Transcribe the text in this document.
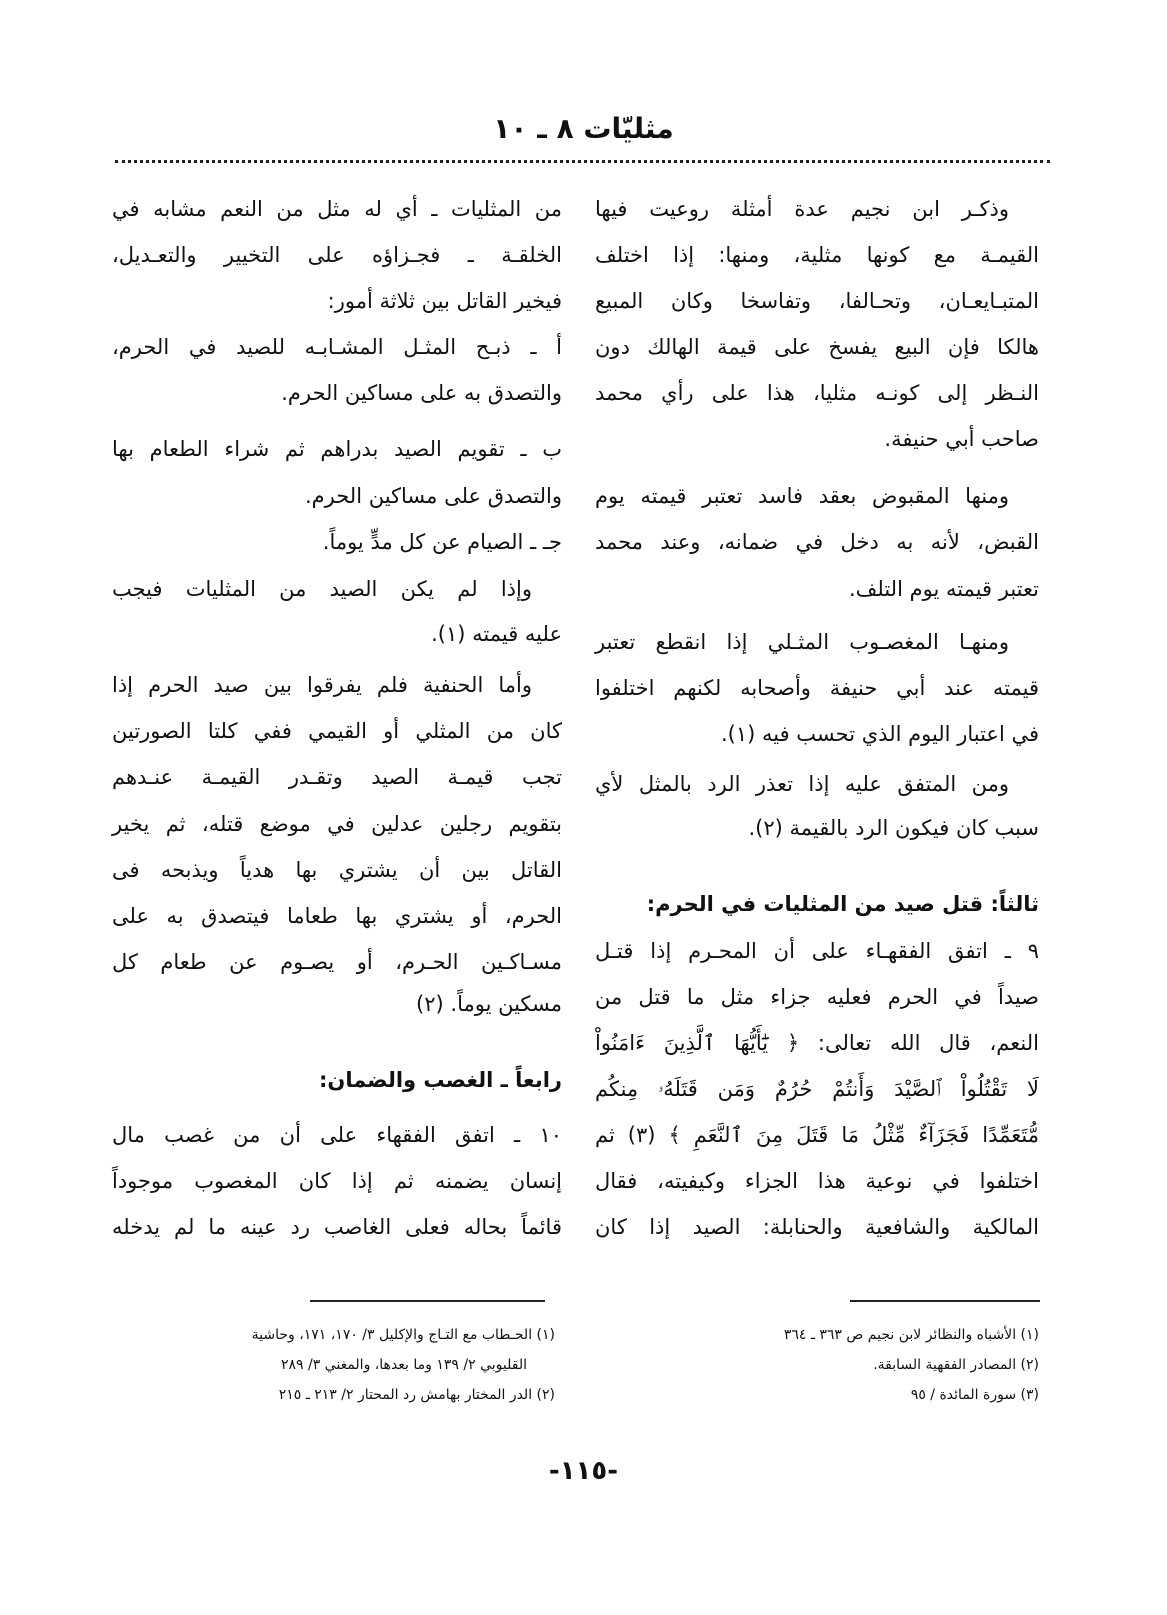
مثليّات ٨ ـ ١٠
وذكـر ابن نجيم عدة أمثلة روعيت فيها
القيمـة مع كونها مثلية، ومنها: إذا اختلف
المتبـايعـان، وتحـالفا، وتفاسخا وكان المبيع
هالكا فإن البيع يفسخ على قيمة الهالك دون
النـظر إلى كونـه مثليا، هذا على رأي محمد
صاحب أبي حنيفة.
ومنها المقبوض بعقد فاسد تعتبر قيمته يوم
القبض، لأنه به دخل في ضمانه، وعند محمد
تعتبر قيمته يوم التلف.
ومنهـا المغصـوب المثـلي إذا انقطع تعتبر
قيمته عند أبي حنيفة وأصحابه لكنهم اختلفوا
في اعتبار اليوم الذي تحسب فيه (١).
ومن المتفق عليه إذا تعذر الرد بالمثل لأي
سبب كان فيكون الرد بالقيمة (٢).
ثالثاً: قتل صيد من المثليات في الحرم:
٩ ـ اتفق الفقهـاء على أن المحـرم إذا قتـل
صيداً في الحرم فعليه جزاء مثل ما قتل من
النعم، قال الله تعالى: ﴿ يَٰٓأَيُّهَا ٱلَّذِينَ ءَامَنُواْ
لَا تَقْتُلُواْ ٱلصَّيْدَ وَأَنتُمْ حُرُمٌ وَمَن قَتَلَهُۥ مِنكُم
مُّتَعَمِّدًا فَجَزَآءٌ مِّثْلُ مَا قَتَلَ مِنَ ٱلنَّعَمِ ﴾ (٣) ثم
اختلفوا في نوعية هذا الجزاء وكيفيته، فقال
المالكية والشافعية والحنابلة: الصيد إذا كان
من المثليات ـ أي له مثل من النعم مشابه في
الخلقـة ـ فجـزاؤه على التخيير والتعـديل،
فيخير القاتل بين ثلاثة أمور:
أ ـ ذبـح المثـل المشـابـه للصيد في الحرم،
والتصدق به على مساكين الحرم.
ب ـ تقويم الصيد بدراهم ثم شراء الطعام بها
والتصدق على مساكين الحرم.
جـ ـ الصيام عن كل مدٍّ يوماً.
وإذا لم يكن الصيد من المثليات فيجب
عليه قيمته (١).
وأما الحنفية فلم يفرقوا بين صيد الحرم إذا
كان من المثلي أو القيمي ففي كلتا الصورتين
تجب قيمـة الصيد وتقـدر القيمـة عنـدهم
بتقويم رجلين عدلين في موضع قتله، ثم يخير
القاتل بين أن يشتري بها هدياً ويذبحه فى
الحرم، أو يشتري بها طعاما فيتصدق به على
مسـاكـين الحـرم، أو يصـوم عن طعام كل
مسكين يوماً. (٢)
رابعاً ـ الغصب والضمان:
١٠ ـ اتفق الفقهاء على أن من غصب مال
إنسان يضمنه ثم إذا كان المغصوب موجوداً
قائماً بحاله فعلى الغاصب رد عينه ما لم يدخله
(١) الأشباه والنظائر لابن نجيم ص ٣٦٣ ـ ٣٦٤
(٢) المصادر الفقهية السابقة.
(٣) سورة المائدة / ٩٥
(١) الحـطاب مع التـاج والإكليل ٣/ ١٧٠، ١٧١، وحاشية
القليوبي ٢/ ١٣٩ وما بعدها، والمغني ٣/ ٢٨٩
(٢) الدر المختار بهامش رد المحتار ٢/ ٢١٣ ـ ٢١٥
-١١٥-
